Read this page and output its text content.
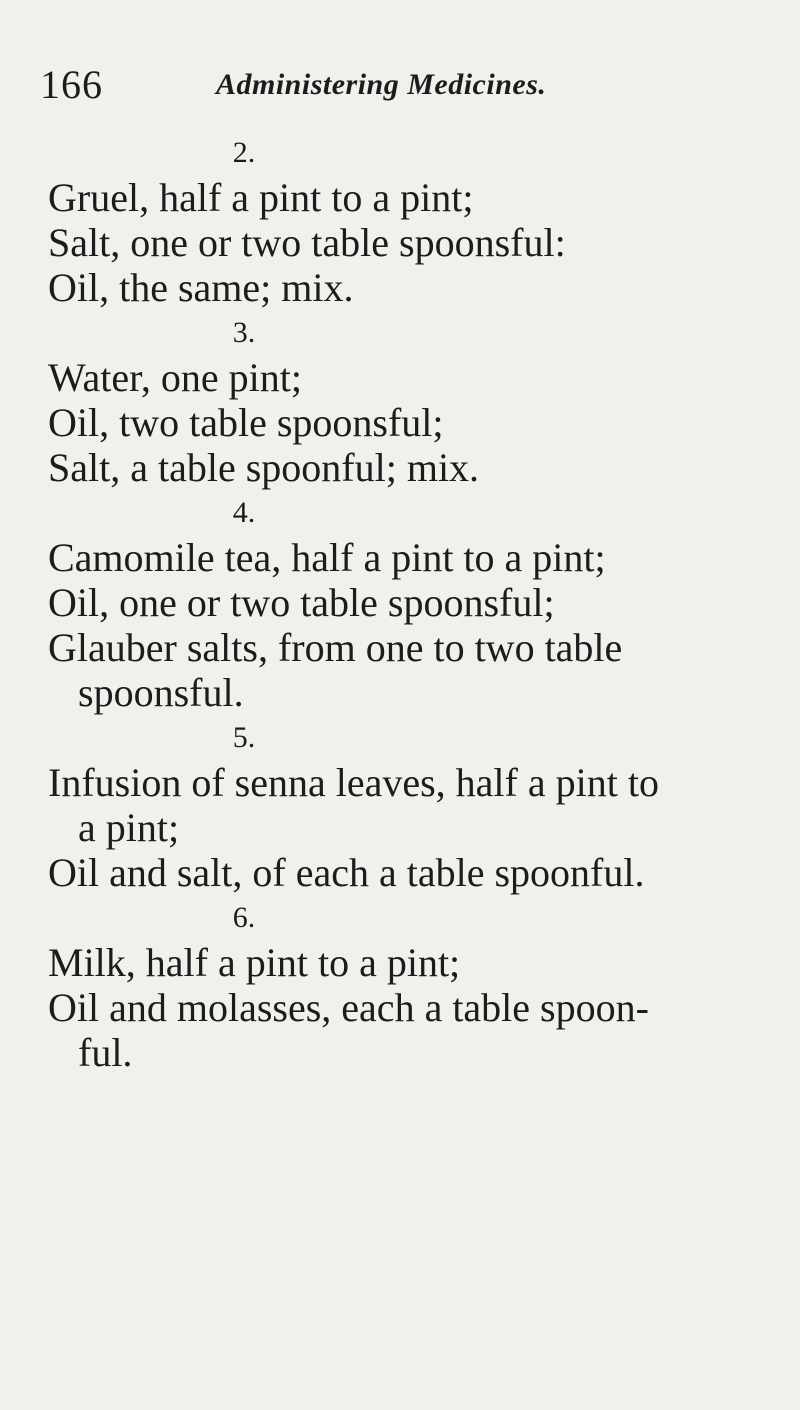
166	Administering Medicines.
2.
Gruel, half a pint to a pint;
Salt, one or two table spoonsful:
Oil, the same; mix.
3.
Water, one pint;
Oil, two table spoonsful;
Salt, a table spoonful; mix.
4.
Camomile tea, half a pint to a pint;
Oil, one or two table spoonsful;
Glauber salts, from one to two table
spoonsful.
5.
Infusion of senna leaves, half a pint to
a pint;
Oil and salt, of each a table spoonful.
6.
Milk, half a pint to a pint;
Oil and molasses, each a table spoon-
ful.
